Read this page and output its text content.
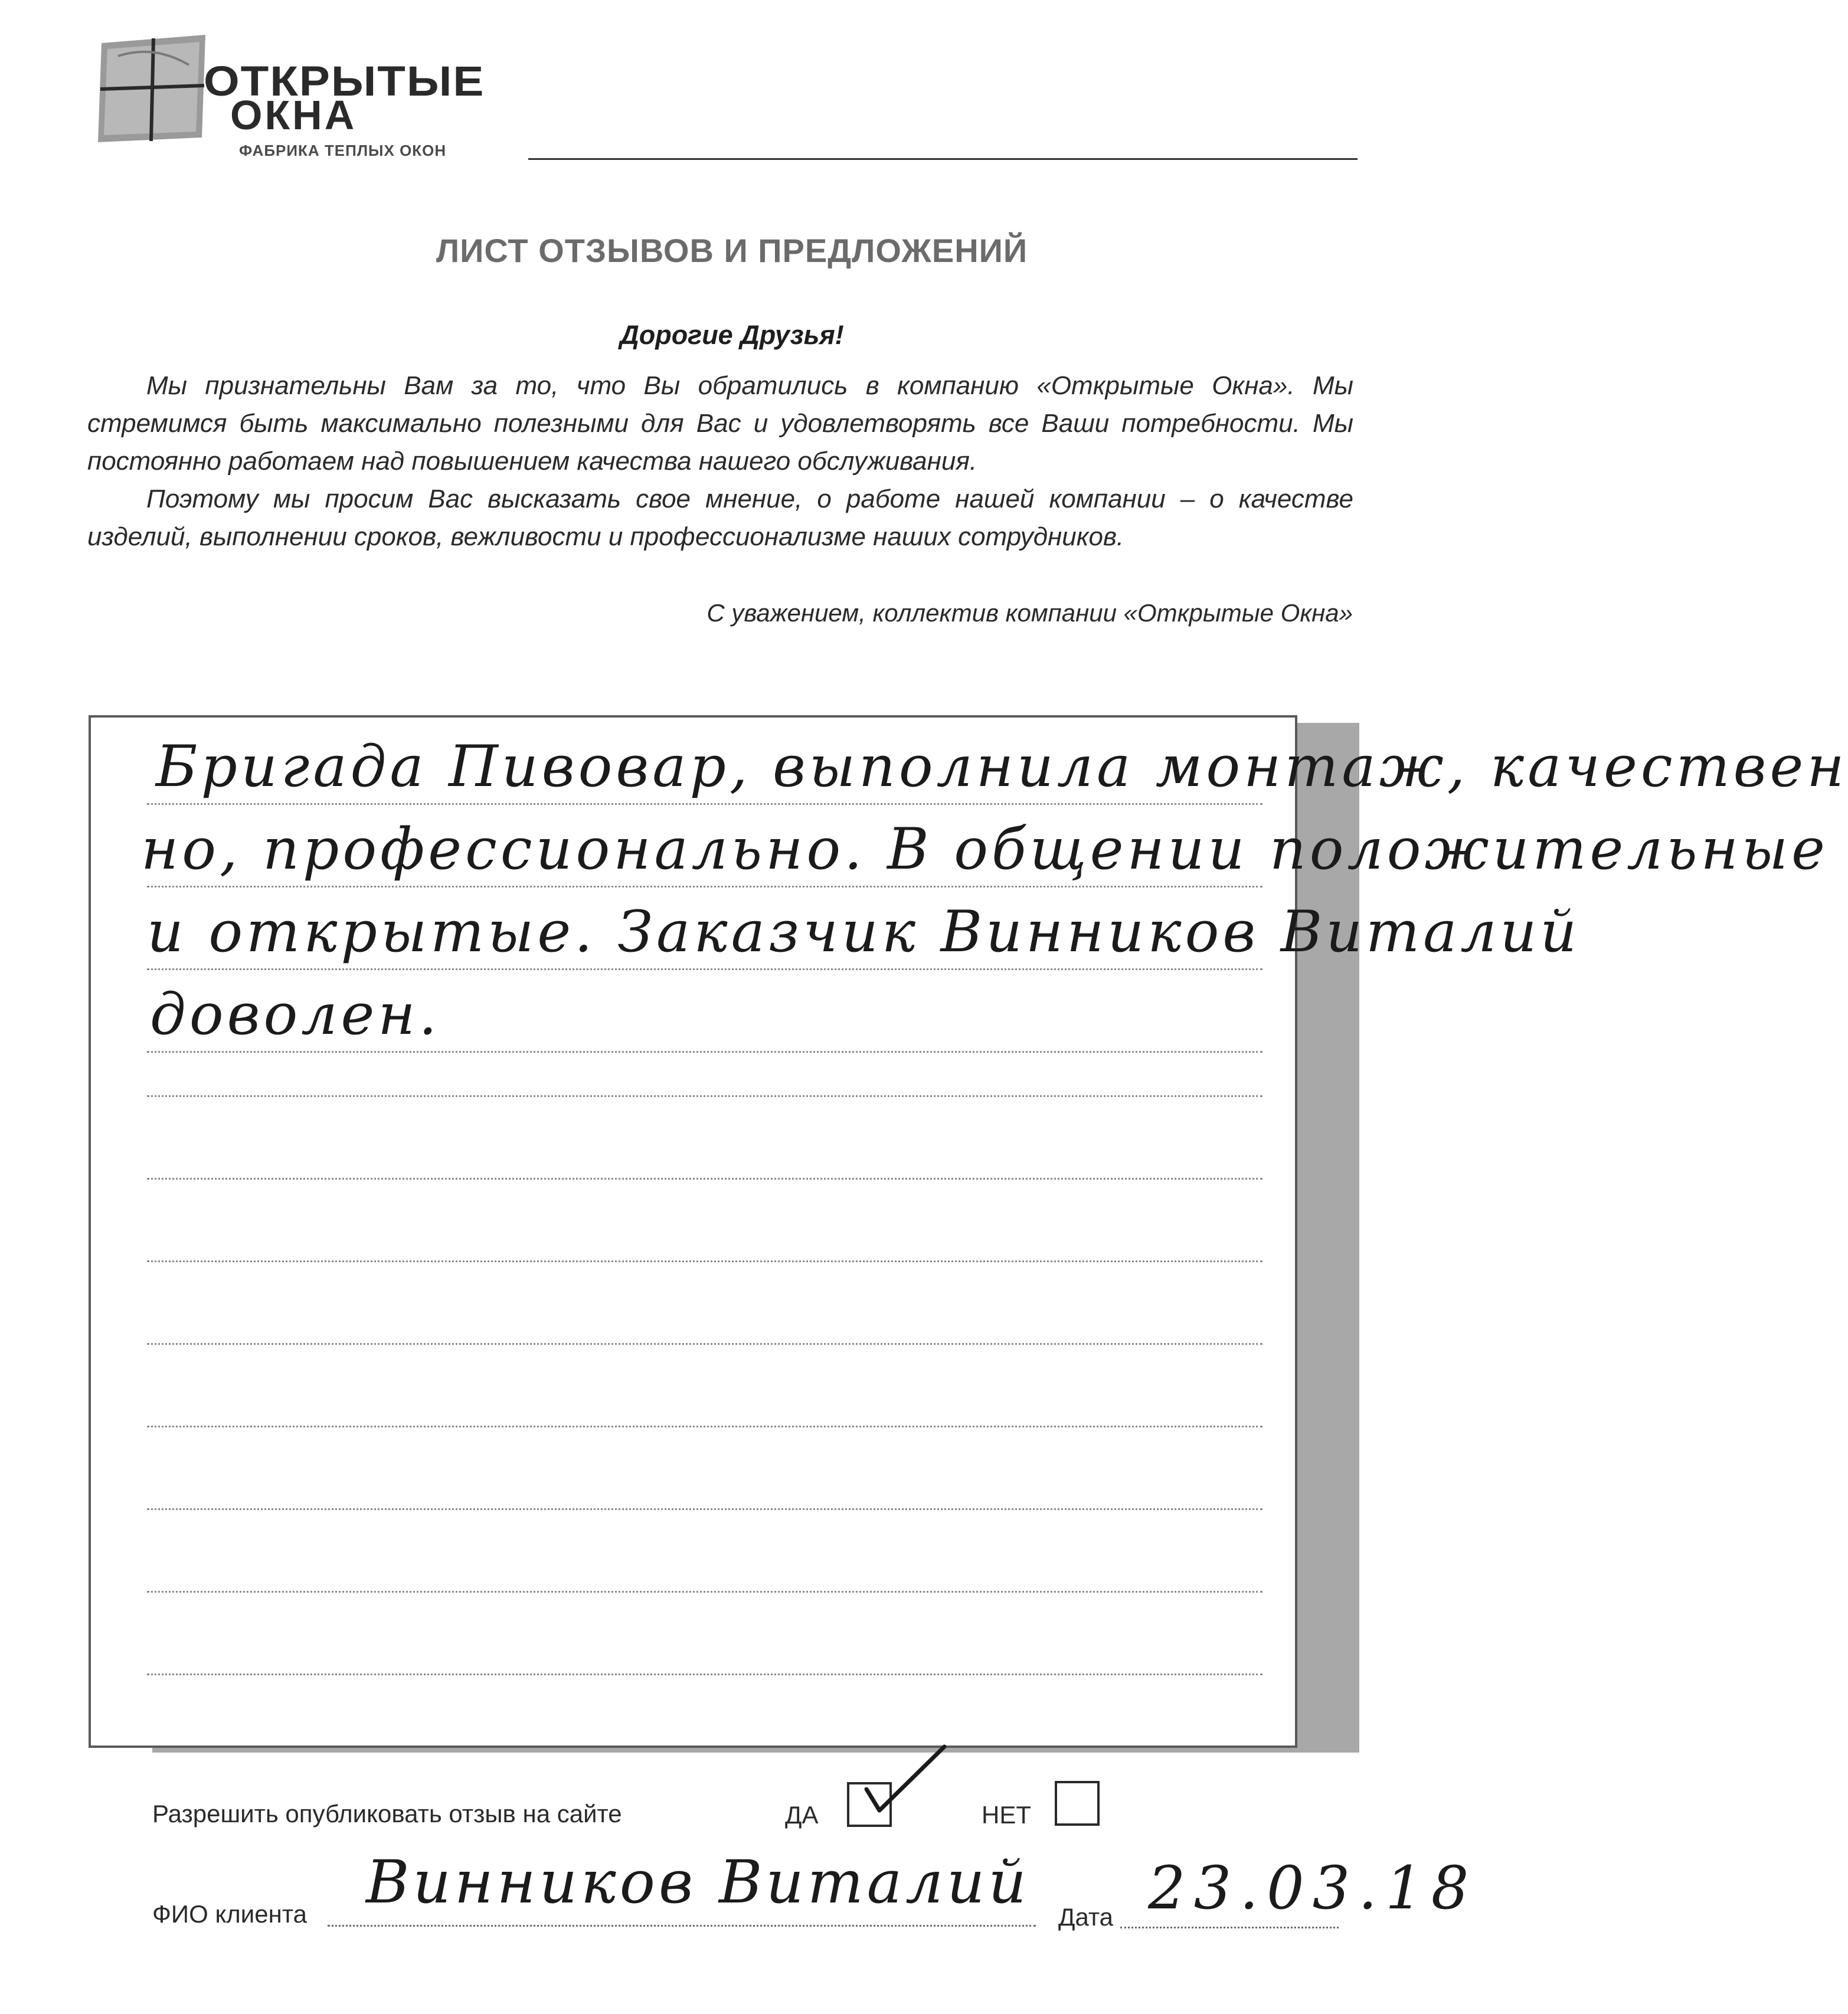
ОТКРЫТЫЕ
ОКНА
ФАБРИКА ТЕПЛЫХ ОКОН
ЛИСТ ОТЗЫВОВ И ПРЕДЛОЖЕНИЙ
Дорогие Друзья!

Мы признательны Вам за то, что Вы обратились в компанию «Открытые Окна». Мы стремимся быть максимально полезными для Вас и удовлетворять все Ваши потребности. Мы постоянно работаем над повышением качества нашего обслуживания.

Поэтому мы просим Вас высказать свое мнение, о работе нашей компании – о качестве изделий, выполнении сроков, вежливости и профессионализме наших сотрудников.

С уважением, коллектив компании «Открытые Окна»
Бригада Пивовар, выполнила монтаж, качествен
но, профессионально. В общении положительные
и открытые. Заказчик Винников Виталий
доволен.
Разрешить опубликовать отзыв на сайте	ДА	НЕТ
ФИО клиента Винников Виталий
Дата 23.03.18
